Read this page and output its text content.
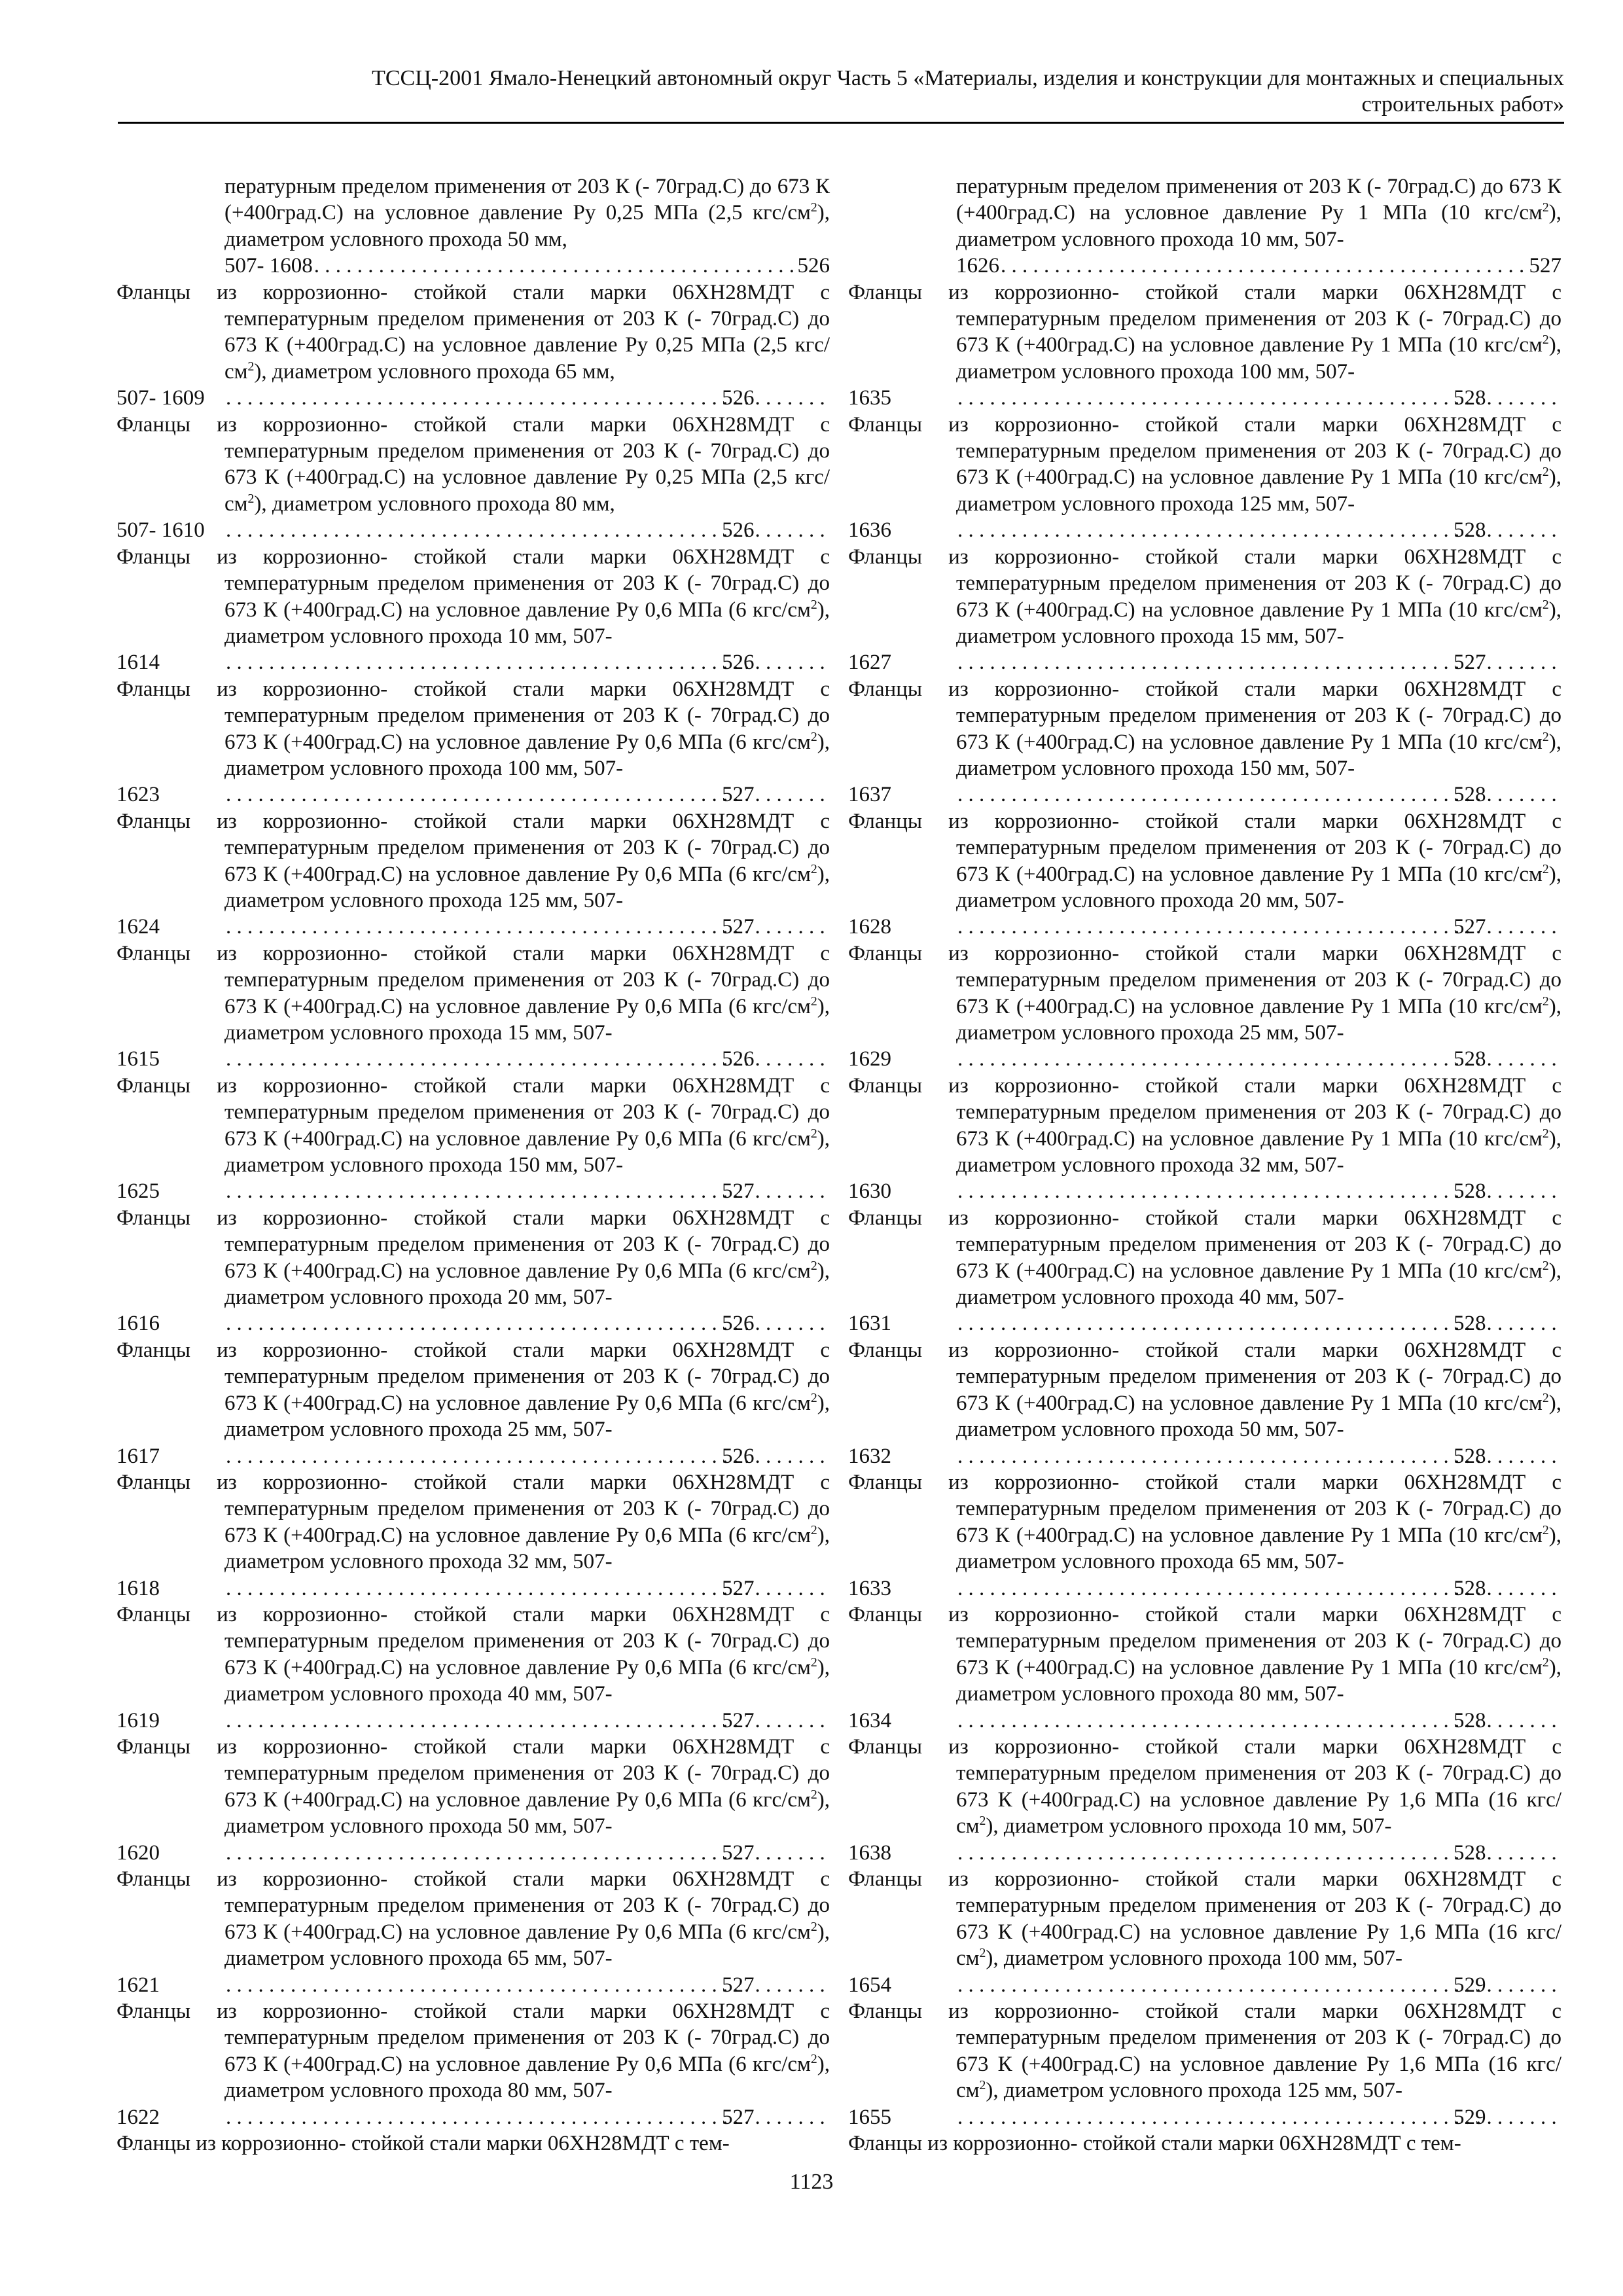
ТССЦ-2001 Ямало-Ненецкий автономный округ Часть 5 «Материалы, изделия и конструкции для монтажных и специальных
строительных работ»
пературным пределом применения от 203 К (- 70град.С) до 673 К (+400град.С) на условное давление Ру 0,25 МПа (2,5 кгс/$см^2$), диаметром условного прохода 50 мм,
507- 1608 . . .	526
Фланцы из коррозионно- стойкой стали марки 06ХН28МДТ с температурным пределом применения от 203 К (- 70град.С) до 673 К (+400град.С) на условное давление Ру 0,25 МПа (2,5 кгс/$см^2$), диаметром условного прохода 65 мм,
507- 1609 . . .	526
Фланцы из коррозионно- стойкой стали марки 06ХН28МДТ с температурным пределом применения от 203 К (- 70град.С) до 673 К (+400град.С) на условное давление Ру 0,25 МПа (2,5 кгс/$см^2$), диаметром условного прохода 80 мм,
507- 1610 . . .	526
Фланцы из коррозионно- стойкой стали марки 06ХН28МДТ с температурным пределом применения от 203 К (- 70град.С) до 673 К (+400град.С) на условное давление Ру 0,6 МПа (6 кгс/$см^2$), диаметром условного прохода 10 мм, 507-
1614 . . .	526
Фланцы из коррозионно- стойкой стали марки 06ХН28МДТ с температурным пределом применения от 203 К (- 70град.С) до 673 К (+400град.С) на условное давление Ру 0,6 МПа (6 кгс/$см^2$), диаметром условного прохода 100 мм, 507-
1623 . . .	527
Фланцы из коррозионно- стойкой стали марки 06ХН28МДТ с температурным пределом применения от 203 К (- 70град.С) до 673 К (+400град.С) на условное давление Ру 0,6 МПа (6 кгс/$см^2$), диаметром условного прохода 125 мм, 507-
1624 . . .	527
Фланцы из коррозионно- стойкой стали марки 06ХН28МДТ с температурным пределом применения от 203 К (- 70град.С) до 673 К (+400град.С) на условное давление Ру 0,6 МПа (6 кгс/$см^2$), диаметром условного прохода 15 мм, 507-
1615 . . .	526
Фланцы из коррозионно- стойкой стали марки 06ХН28МДТ с температурным пределом применения от 203 К (- 70град.С) до 673 К (+400град.С) на условное давление Ру 0,6 МПа (6 кгс/$см^2$), диаметром условного прохода 150 мм, 507-
1625 . . .	527
Фланцы из коррозионно- стойкой стали марки 06ХН28МДТ с температурным пределом применения от 203 К (- 70град.С) до 673 К (+400град.С) на условное давление Ру 0,6 МПа (6 кгс/$см^2$), диаметром условного прохода 20 мм, 507-
1616 . . .	526
Фланцы из коррозионно- стойкой стали марки 06ХН28МДТ с температурным пределом применения от 203 К (- 70град.С) до 673 К (+400град.С) на условное давление Ру 0,6 МПа (6 кгс/$см^2$), диаметром условного прохода 25 мм, 507-
1617 . . .	526
Фланцы из коррозионно- стойкой стали марки 06ХН28МДТ с температурным пределом применения от 203 К (- 70град.С) до 673 К (+400град.С) на условное давление Ру 0,6 МПа (6 кгс/$см^2$), диаметром условного прохода 32 мм, 507-
1618 . . .	527
Фланцы из коррозионно- стойкой стали марки 06ХН28МДТ с температурным пределом применения от 203 К (- 70град.С) до 673 К (+400град.С) на условное давление Ру 0,6 МПа (6 кгс/$см^2$), диаметром условного прохода 40 мм, 507-
1619 . . .	527
Фланцы из коррозионно- стойкой стали марки 06ХН28МДТ с температурным пределом применения от 203 К (- 70град.С) до 673 К (+400град.С) на условное давление Ру 0,6 МПа (6 кгс/$см^2$), диаметром условного прохода 50 мм, 507-
1620 . . .	527
Фланцы из коррозионно- стойкой стали марки 06ХН28МДТ с температурным пределом применения от 203 К (- 70град.С) до 673 К (+400град.С) на условное давление Ру 0,6 МПа (6 кгс/$см^2$), диаметром условного прохода 65 мм, 507-
1621 . . .	527
Фланцы из коррозионно- стойкой стали марки 06ХН28МДТ с температурным пределом применения от 203 К (- 70град.С) до 673 К (+400град.С) на условное давление Ру 0,6 МПа (6 кгс/$см^2$), диаметром условного прохода 80 мм, 507-
1622 . . .	527
Фланцы из коррозионно- стойкой стали марки 06ХН28МДТ с тем-
пературным пределом применения от 203 К (- 70град.С) до 673 К (+400град.С) на условное давление Ру 1 МПа (10 кгс/$см^2$), диаметром условного прохода 10 мм, 507-
1626 . . .	527
Фланцы из коррозионно- стойкой стали марки 06ХН28МДТ с температурным пределом применения от 203 К (- 70град.С) до 673 К (+400град.С) на условное давление Ру 1 МПа (10 кгс/$см^2$), диаметром условного прохода 100 мм, 507-
1635 . . .	528
Фланцы из коррозионно- стойкой стали марки 06ХН28МДТ с температурным пределом применения от 203 К (- 70град.С) до 673 К (+400град.С) на условное давление Ру 1 МПа (10 кгс/$см^2$), диаметром условного прохода 125 мм, 507-
1636 . . .	528
Фланцы из коррозионно- стойкой стали марки 06ХН28МДТ с температурным пределом применения от 203 К (- 70град.С) до 673 К (+400град.С) на условное давление Ру 1 МПа (10 кгс/$см^2$), диаметром условного прохода 15 мм, 507-
1627 . . .	527
Фланцы из коррозионно- стойкой стали марки 06ХН28МДТ с температурным пределом применения от 203 К (- 70град.С) до 673 К (+400град.С) на условное давление Ру 1 МПа (10 кгс/$см^2$), диаметром условного прохода 150 мм, 507-
1637 . . .	528
Фланцы из коррозионно- стойкой стали марки 06ХН28МДТ с температурным пределом применения от 203 К (- 70град.С) до 673 К (+400град.С) на условное давление Ру 1 МПа (10 кгс/$см^2$), диаметром условного прохода 20 мм, 507-
1628 . . .	527
Фланцы из коррозионно- стойкой стали марки 06ХН28МДТ с температурным пределом применения от 203 К (- 70град.С) до 673 К (+400град.С) на условное давление Ру 1 МПа (10 кгс/$см^2$), диаметром условного прохода 25 мм, 507-
1629 . . .	528
Фланцы из коррозионно- стойкой стали марки 06ХН28МДТ с температурным пределом применения от 203 К (- 70град.С) до 673 К (+400град.С) на условное давление Ру 1 МПа (10 кгс/$см^2$), диаметром условного прохода 32 мм, 507-
1630 . . .	528
Фланцы из коррозионно- стойкой стали марки 06ХН28МДТ с температурным пределом применения от 203 К (- 70град.С) до 673 К (+400град.С) на условное давление Ру 1 МПа (10 кгс/$см^2$), диаметром условного прохода 40 мм, 507-
1631 . . .	528
Фланцы из коррозионно- стойкой стали марки 06ХН28МДТ с температурным пределом применения от 203 К (- 70град.С) до 673 К (+400град.С) на условное давление Ру 1 МПа (10 кгс/$см^2$), диаметром условного прохода 50 мм, 507-
1632 . . .	528
Фланцы из коррозионно- стойкой стали марки 06ХН28МДТ с температурным пределом применения от 203 К (- 70град.С) до 673 К (+400град.С) на условное давление Ру 1 МПа (10 кгс/$см^2$), диаметром условного прохода 65 мм, 507-
1633 . . .	528
Фланцы из коррозионно- стойкой стали марки 06ХН28МДТ с температурным пределом применения от 203 К (- 70град.С) до 673 К (+400град.С) на условное давление Ру 1 МПа (10 кгс/$см^2$), диаметром условного прохода 80 мм, 507-
1634 . . .	528
Фланцы из коррозионно- стойкой стали марки 06ХН28МДТ с температурным пределом применения от 203 К (- 70град.С) до 673 К (+400град.С) на условное давление Ру 1,6 МПа (16 кгс/$см^2$), диаметром условного прохода 10 мм, 507-
1638 . . .	528
Фланцы из коррозионно- стойкой стали марки 06ХН28МДТ с температурным пределом применения от 203 К (- 70град.С) до 673 К (+400град.С) на условное давление Ру 1,6 МПа (16 кгс/$см^2$), диаметром условного прохода 100 мм, 507-
1654 . . .	529
Фланцы из коррозионно- стойкой стали марки 06ХН28МДТ с температурным пределом применения от 203 К (- 70град.С) до 673 К (+400град.С) на условное давление Ру 1,6 МПа (16 кгс/$см^2$), диаметром условного прохода 125 мм, 507-
1655 . . .	529
Фланцы из коррозионно- стойкой стали марки 06ХН28МДТ с тем-
1123
